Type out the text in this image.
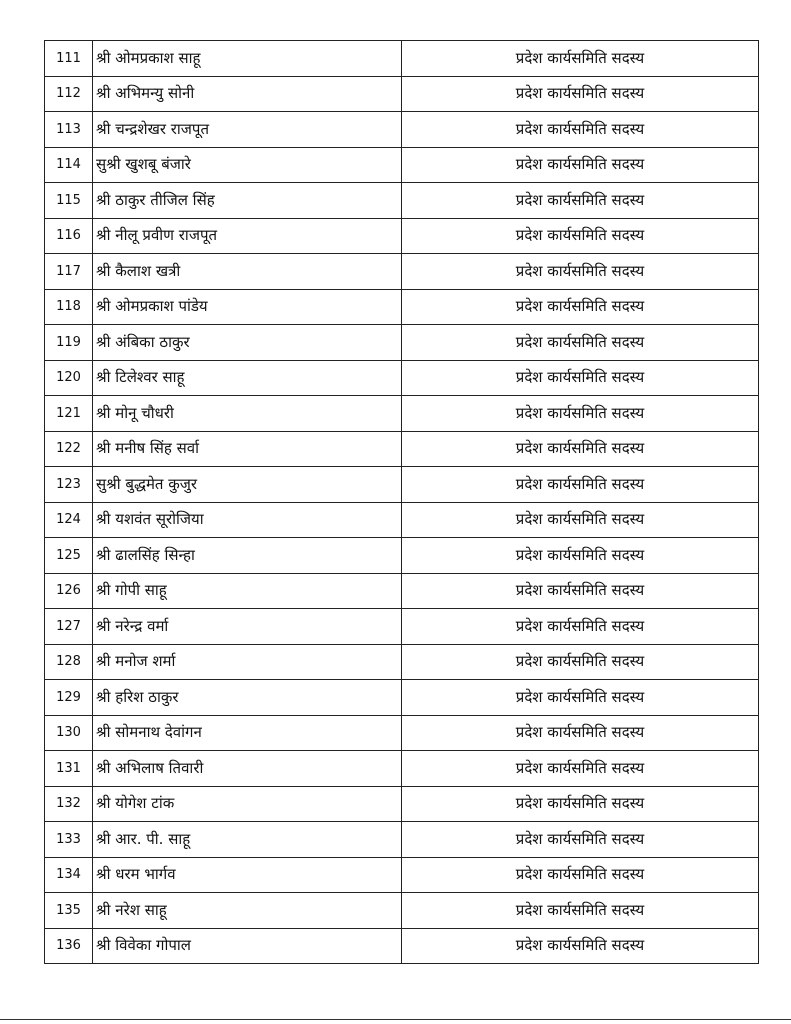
111	श्री ओमप्रकाश साहू	प्रदेश कार्यसमिति सदस्य
112	श्री अभिमन्यु सोनी	प्रदेश कार्यसमिति सदस्य
113	श्री चन्द्रशेखर राजपूत	प्रदेश कार्यसमिति सदस्य
114	सुश्री खुशबू बंजारे	प्रदेश कार्यसमिति सदस्य
115	श्री ठाकुर तीजिल सिंह	प्रदेश कार्यसमिति सदस्य
116	श्री नीलू प्रवीण राजपूत	प्रदेश कार्यसमिति सदस्य
117	श्री कैलाश खत्री	प्रदेश कार्यसमिति सदस्य
118	श्री ओमप्रकाश पांडेय	प्रदेश कार्यसमिति सदस्य
119	श्री अंबिका ठाकुर	प्रदेश कार्यसमिति सदस्य
120	श्री टिलेश्वर साहू	प्रदेश कार्यसमिति सदस्य
121	श्री मोनू चौधरी	प्रदेश कार्यसमिति सदस्य
122	श्री मनीष सिंह सर्वा	प्रदेश कार्यसमिति सदस्य
123	सुश्री बुद्धमेत कुजुर	प्रदेश कार्यसमिति सदस्य
124	श्री यशवंत सूरोजिया	प्रदेश कार्यसमिति सदस्य
125	श्री ढालसिंह सिन्हा	प्रदेश कार्यसमिति सदस्य
126	श्री गोपी साहू	प्रदेश कार्यसमिति सदस्य
127	श्री नरेन्द्र वर्मा	प्रदेश कार्यसमिति सदस्य
128	श्री मनोज शर्मा	प्रदेश कार्यसमिति सदस्य
129	श्री हरिश ठाकुर	प्रदेश कार्यसमिति सदस्य
130	श्री सोमनाथ देवांगन	प्रदेश कार्यसमिति सदस्य
131	श्री अभिलाष तिवारी	प्रदेश कार्यसमिति सदस्य
132	श्री योगेश टांक	प्रदेश कार्यसमिति सदस्य
133	श्री आर. पी. साहू	प्रदेश कार्यसमिति सदस्य
134	श्री धरम भार्गव	प्रदेश कार्यसमिति सदस्य
135	श्री नरेश साहू	प्रदेश कार्यसमिति सदस्य
136	श्री विवेका गोपाल	प्रदेश कार्यसमिति सदस्य
